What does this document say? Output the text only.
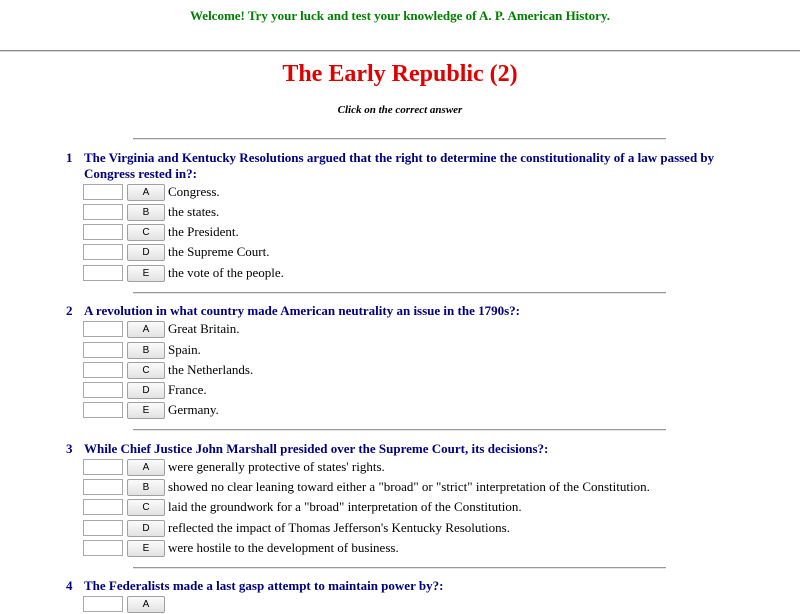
Welcome! Try your luck and test your knowledge of A. P. American History.
The Early Republic (2)
Click on the correct answer
1 The Virginia and Kentucky Resolutions argued that the right to determine the constitutionality of a law passed by Congress rested in?:
A	Congress.
B	the states.
C	the President.
D	the Supreme Court.
E	the vote of the people.
2 A revolution in what country made American neutrality an issue in the 1790s?:
A	Great Britain.
B	Spain.
C	the Netherlands.
D	France.
E	Germany.
3 While Chief Justice John Marshall presided over the Supreme Court, its decisions?:
A	were generally protective of states' rights.
B	showed no clear leaning toward either a "broad" or "strict" interpretation of the Constitution.
C	laid the groundwork for a "broad" interpretation of the Constitution.
D	reflected the impact of Thomas Jefferson's Kentucky Resolutions.
E	were hostile to the development of business.
4 The Federalists made a last gasp attempt to maintain power by?:
A
